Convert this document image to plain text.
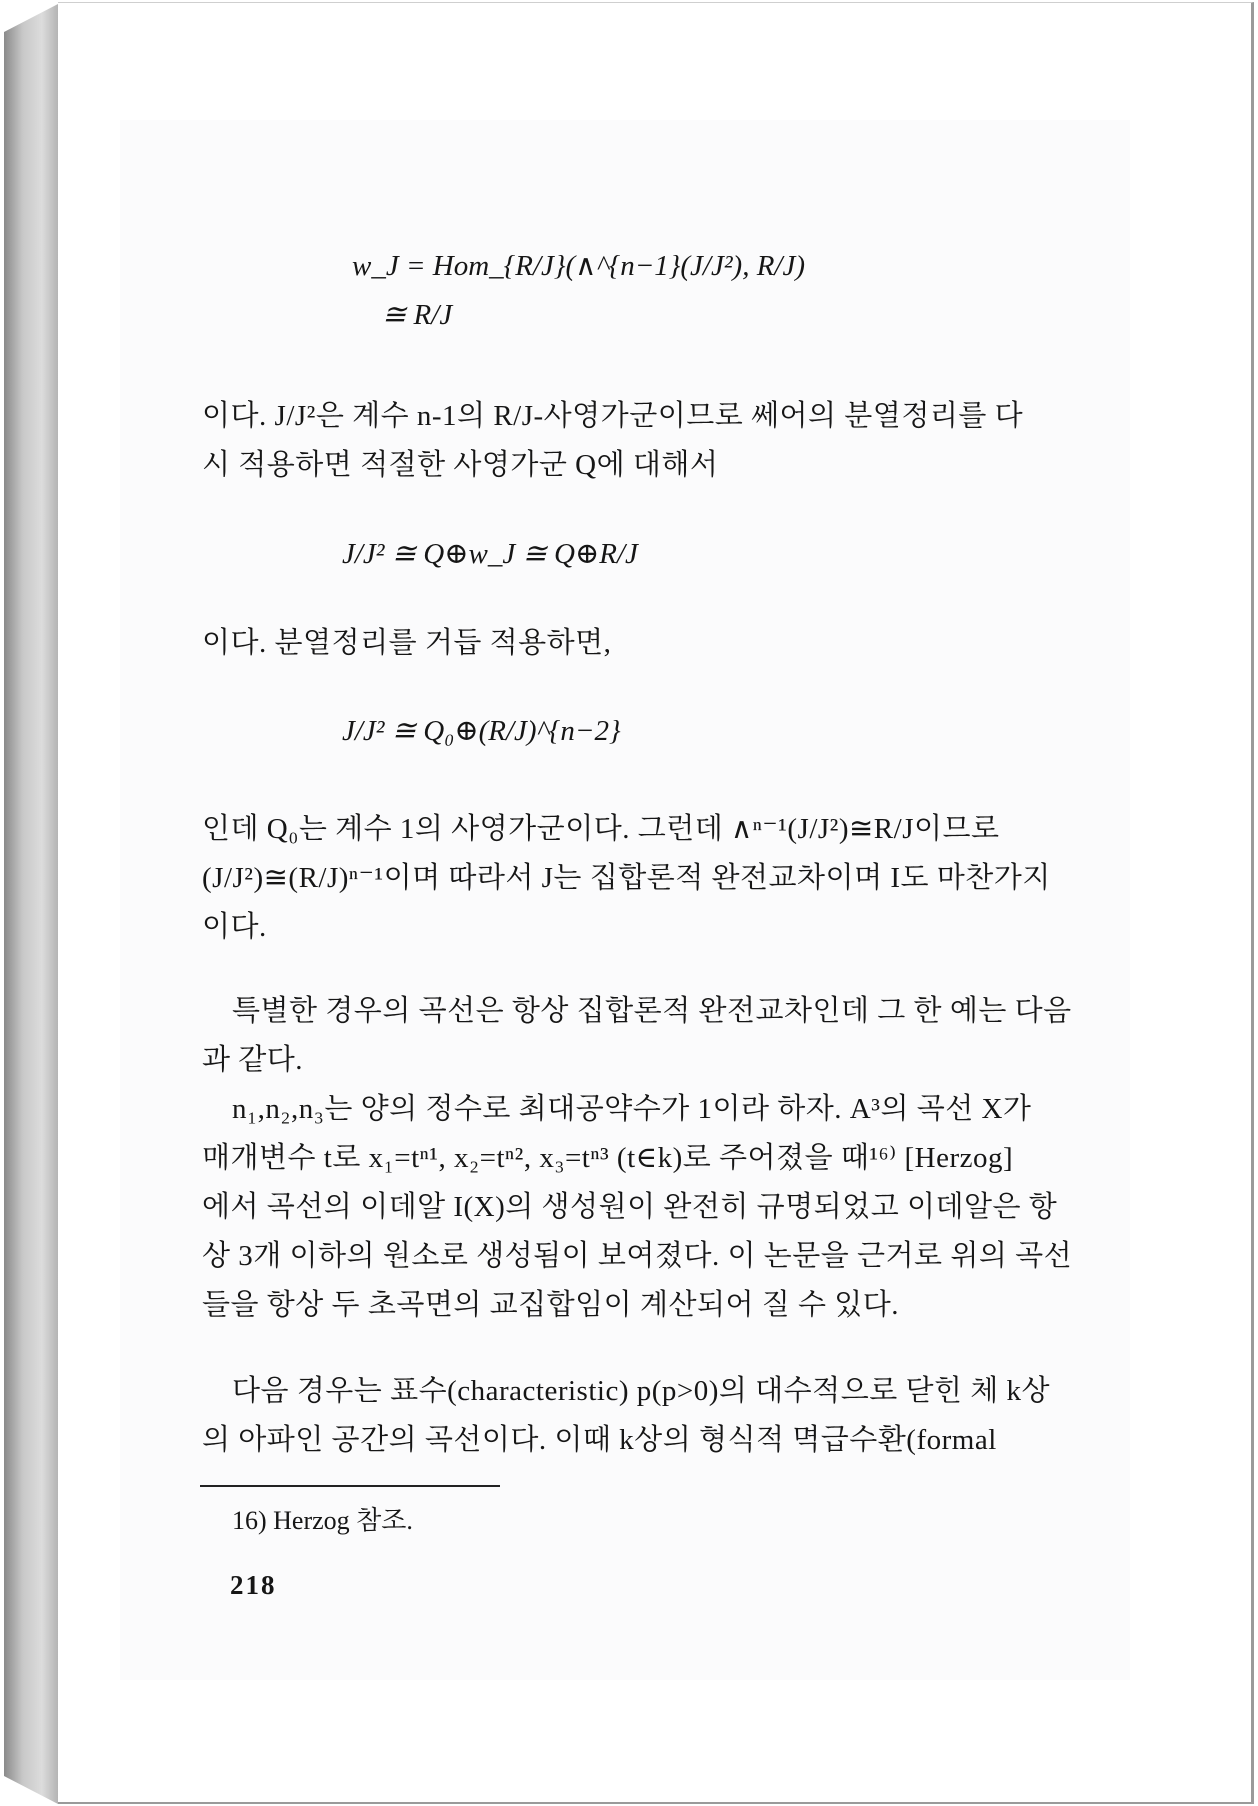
w_J = Hom_{R/J}(∧^{n−1}(J/J²), R/J)
≅ R/J
이다. J/J²은 계수 n-1의 R/J-사영가군이므로 쎄어의 분열정리를 다
시 적용하면 적절한 사영가군 Q에 대해서
J/J² ≅ Q⊕w_J ≅ Q⊕R/J
이다. 분열정리를 거듭 적용하면,
J/J² ≅ Q₀⊕(R/J)^{n−2}
인데 Q₀는 계수 1의 사영가군이다. 그런데 ∧ⁿ⁻¹(J/J²)≅R/J이므로
(J/J²)≅(R/J)ⁿ⁻¹이며 따라서 J는 집합론적 완전교차이며 I도 마찬가지
이다.
특별한 경우의 곡선은 항상 집합론적 완전교차인데 그 한 예는 다음
과 같다.
n₁,n₂,n₃는 양의 정수로 최대공약수가 1이라 하자. A³의 곡선 X가
매개변수 t로 x₁=tⁿ¹, x₂=tⁿ², x₃=tⁿ³ (t∈k)로 주어졌을 때¹⁶⁾ [Herzog]
에서 곡선의 이데알 I(X)의 생성원이 완전히 규명되었고 이데알은 항
상 3개 이하의 원소로 생성됨이 보여졌다. 이 논문을 근거로 위의 곡선
들을 항상 두 초곡면의 교집합임이 계산되어 질 수 있다.
다음 경우는 표수(characteristic) p(p>0)의 대수적으로 닫힌 체 k상
의 아파인 공간의 곡선이다. 이때 k상의 형식적 멱급수환(formal
16) Herzog 참조.
218
